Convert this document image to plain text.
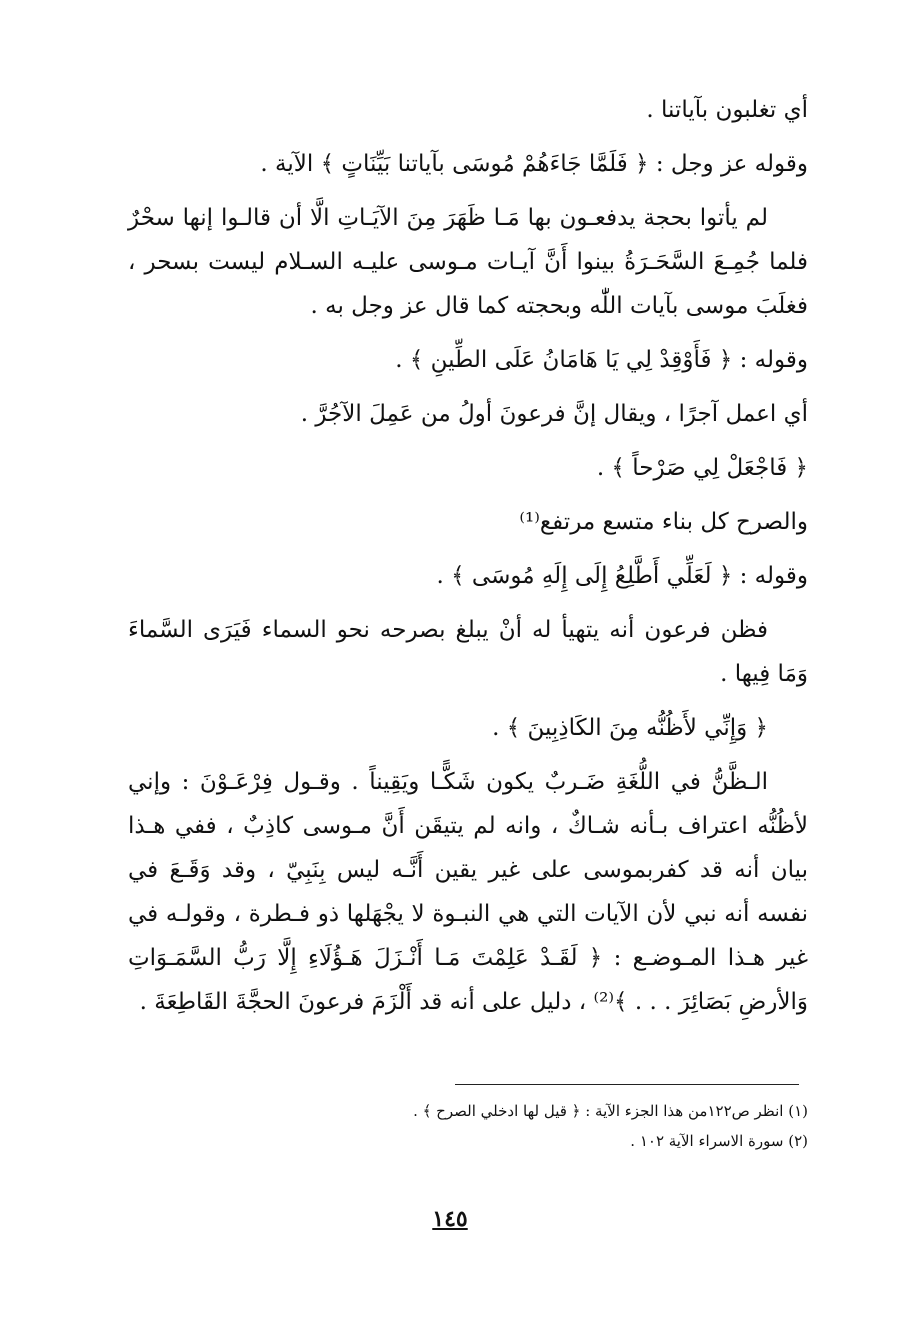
أي تغلبون بآياتنا .

وقوله عز وجل : ﴿ فَلَمَّا جَاءَهُمْ مُوسَى بآياتنا بَيِّنَاتٍ ﴾ الآية .

لم يأتوا بحجة يدفعـون بها مَـا ظَهَرَ مِنَ الآيَـاتِ الَّا أن قالـوا إنها سحْرٌ فلما جُمِـعَ السَّحَـرَةُ بينوا أَنَّ آيـات مـوسى عليـه السـلام ليست بسحر ، فغلَبَ موسى بآيات اللّٰه وبحجته كما قال عز وجل به .

وقوله : ﴿ فَأَوْقِدْ لِي يَا هَامَانُ عَلَى الطِّينِ ﴾ .

أي اعمل آجرًا ، ويقال إنَّ فرعونَ أولُ من عَمِلَ الآجُرَّ .

﴿ فَاجْعَلْ لِي صَرْحاً ﴾ .

والصرح كل بناء متسع مرتفع⁽¹⁾

وقوله : ﴿ لَعَلِّي أَطَّلِعُ إِلَى إِلَهِ مُوسَى ﴾ .

فظن فرعون أنه يتهيأ له أنْ يبلغ بصرحه نحو السماء فَيَرَى السَّماءَ وَمَا فِيها .

﴿ وَإِنِّي لأَظُنُّه مِنَ الكَاذِبِينَ ﴾ .

الـظَّنُّ في اللُّغَةِ ضَـربٌ يكون شَكًّـا ويَقِيناً . وقـول فِرْعَـوْنَ : وإني لأظُنُّه اعتراف بـأنه شـاكٌ ، وانه لم يتيقَن أَنَّ مـوسى كاذِبٌ ، ففي هـذا بيان أنه قد كفربموسى على غير يقين أَنَّـه ليس بِنَبِيّ ، وقد وَقَـعَ في نفسه أنه نبي لأن الآيات التي هي النبـوة لا يجْهَلها ذو فـطرة ، وقولـه في غير هـذا المـوضـع : ﴿ لَقَـدْ عَلِمْتَ مَـا أَنْـزَلَ هَـؤُلَاءِ إِلَّا رَبُّ السَّمَـوَاتِ وَالأرضِ بَصَائِرَ . . . ﴾⁽²⁾ ، دليل على أنه قد أَلْزَمَ فرعونَ الحجَّةَ القَاطِعَةَ .

(١) انظر ص١٢٢من هذا الجزء الآية : ﴿ قيل لها ادخلي الصرح ﴾ .
(٢) سورة الاسراء الآية ١٠٢ .
١٤٥
